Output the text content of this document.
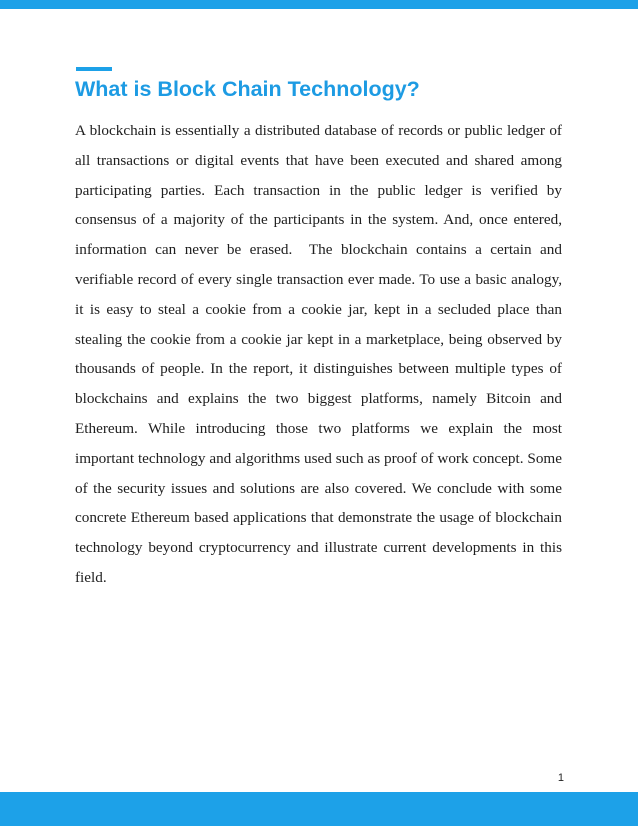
What is Block Chain Technology?

A blockchain is essentially a distributed database of records or public ledger of all transactions or digital events that have been executed and shared among participating parties. Each transaction in the public ledger is verified by consensus of a majority of the participants in the system. And, once entered, information can never be erased.  The blockchain contains a certain and verifiable record of every single transaction ever made. To use a basic analogy, it is easy to steal a cookie from a cookie jar, kept in a secluded place than stealing the cookie from a cookie jar kept in a marketplace, being observed by thousands of people. In the report, it distinguishes between multiple types of blockchains and explains the two biggest platforms, namely Bitcoin and Ethereum. While introducing those two platforms we explain the most important technology and algorithms used such as proof of work concept. Some of the security issues and solutions are also covered. We conclude with some concrete Ethereum based applications that demonstrate the usage of blockchain technology beyond cryptocurrency and illustrate current developments in this field.

1
